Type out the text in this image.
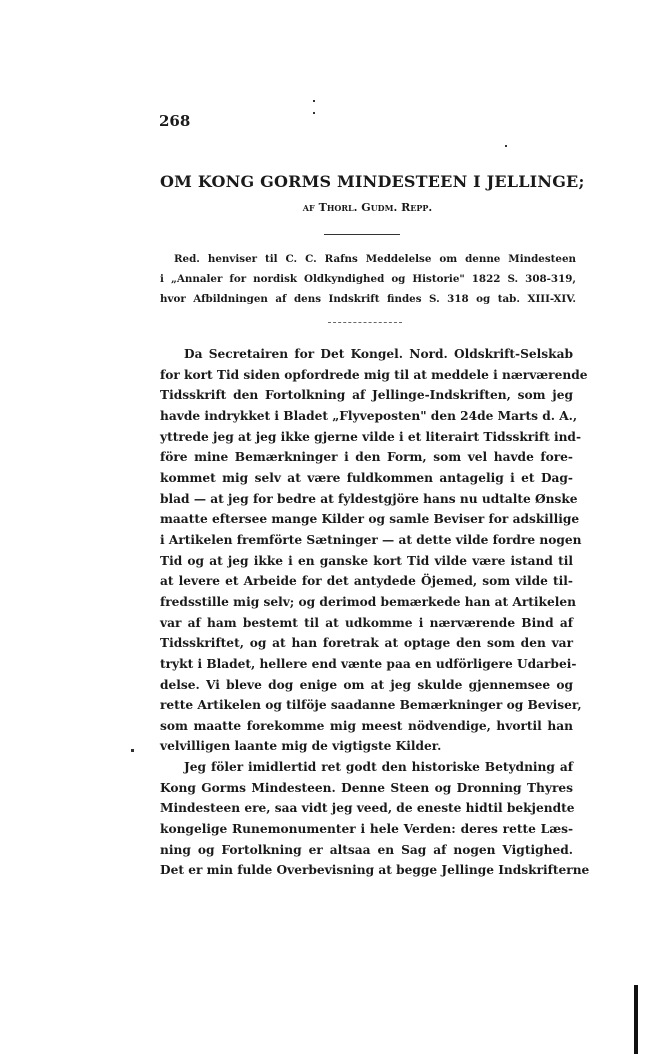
268
OM KONG GORMS MINDESTEEN I JELLINGE;
AF Thorl. Gudm. Repp.
Red. henviser til C. C. Rafns Meddelelse om denne Mindesteen
i „Annaler for nordisk Oldkyndighed og Historie" 1822 S. 308-319,
hvor Afbildningen af dens Indskrift findes S. 318 og tab. XIII-XIV.
Da Secretairen for Det Kongel. Nord. Oldskrift-Selskab
for kort Tid siden opfordrede mig til at meddele i nærværende
Tidsskrift den Fortolkning af Jellinge-Indskriften, som jeg
havde indrykket i Bladet „Flyveposten" den 24de Marts d. A.,
yttrede jeg at jeg ikke gjerne vilde i et literairt Tidsskrift ind-
före mine Bemærkninger i den Form, som vel havde fore-
kommet mig selv at være fuldkommen antagelig i et Dag-
blad — at jeg for bedre at fyldestgjöre hans nu udtalte Ønske
maatte eftersee mange Kilder og samle Beviser for adskillige
i Artikelen fremförte Sætninger — at dette vilde fordre nogen
Tid og at jeg ikke i en ganske kort Tid vilde være istand til
at levere et Arbeide for det antydede Öjemed, som vilde til-
fredsstille mig selv; og derimod bemærkede han at Artikelen
var af ham bestemt til at udkomme i nærværende Bind af
Tidsskriftet, og at han foretrak at optage den som den var
trykt i Bladet, hellere end vænte paa en udförligere Udarbei-
delse. Vi bleve dog enige om at jeg skulde gjennemsee og
rette Artikelen og tilföje saadanne Bemærkninger og Beviser,
som maatte forekomme mig meest nödvendige, hvortil han
velvilligen laante mig de vigtigste Kilder.
Jeg föler imidlertid ret godt den historiske Betydning af
Kong Gorms Mindesteen. Denne Steen og Dronning Thyres
Mindesteen ere, saa vidt jeg veed, de eneste hidtil bekjendte
kongelige Runemonumenter i hele Verden: deres rette Læs-
ning og Fortolkning er altsaa en Sag af nogen Vigtighed.
Det er min fulde Overbevisning at begge Jellinge Indskrifterne
